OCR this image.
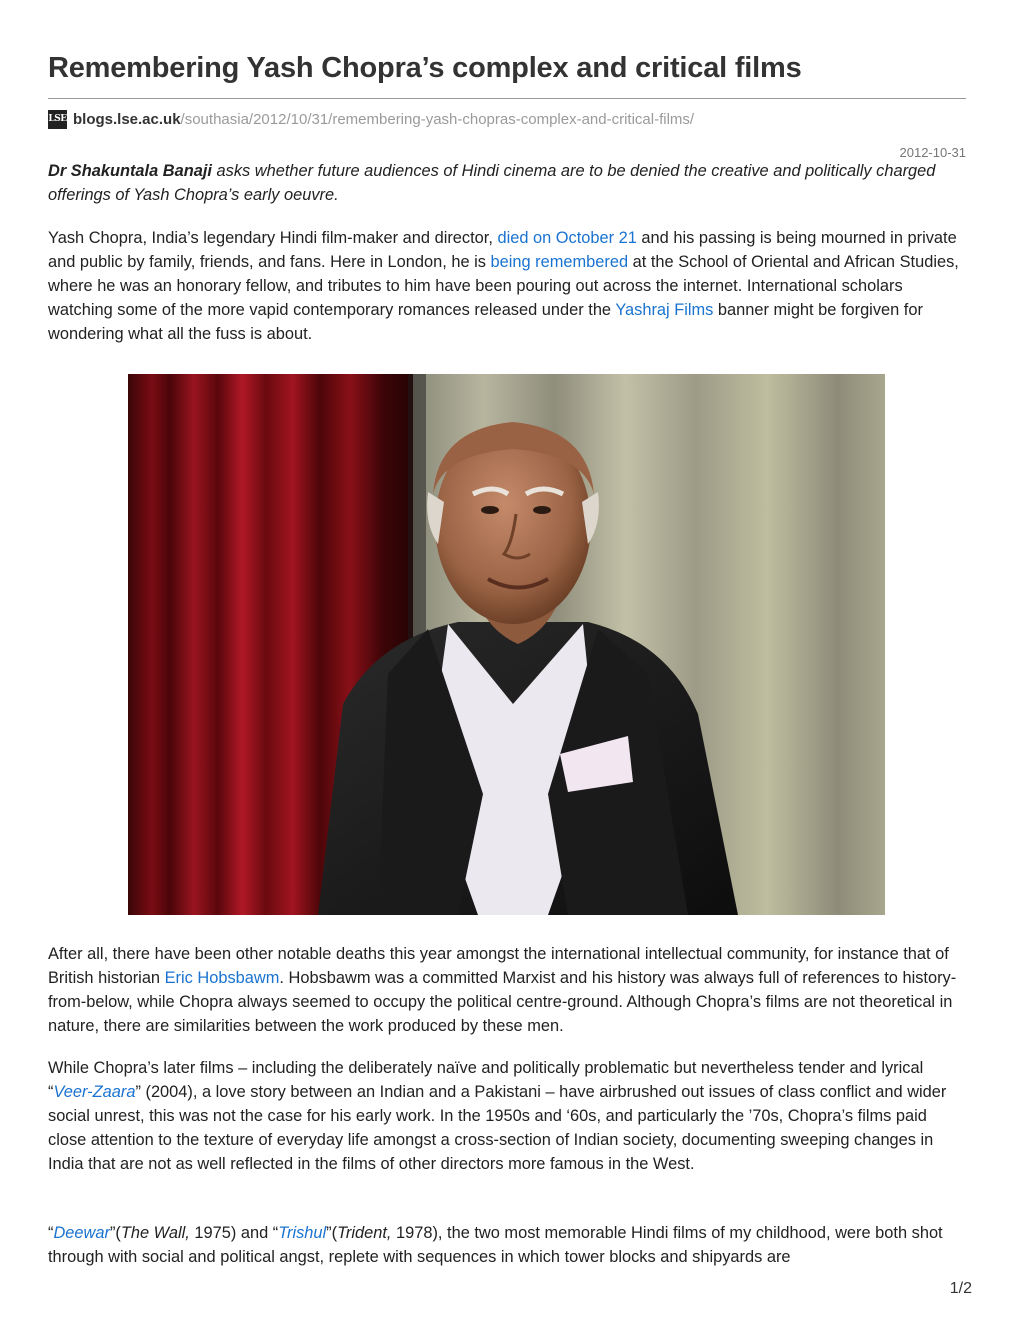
Remembering Yash Chopra’s complex and critical films
LSE blogs.lse.ac.uk /southasia/2012/10/31/remembering-yash-chopras-complex-and-critical-films/
2012-10-31

Dr Shakuntala Banaji asks whether future audiences of Hindi cinema are to be denied the creative and politically charged offerings of Yash Chopra’s early oeuvre.

Yash Chopra, India’s legendary Hindi film-maker and director, died on October 21 and his passing is being mourned in private and public by family, friends, and fans. Here in London, he is being remembered at the School of Oriental and African Studies, where he was an honorary fellow, and tributes to him have been pouring out across the internet. International scholars watching some of the more vapid contemporary romances released under the Yashraj Films banner might be forgiven for wondering what all the fuss is about.

After all, there have been other notable deaths this year amongst the international intellectual community, for instance that of British historian Eric Hobsbawm. Hobsbawm was a committed Marxist and his history was always full of references to history-from-below, while Chopra always seemed to occupy the political centre-ground. Although Chopra’s films are not theoretical in nature, there are similarities between the work produced by these men.

While Chopra’s later films – including the deliberately naïve and politically problematic but nevertheless tender and lyrical “Veer-Zaara” (2004), a love story between an Indian and a Pakistani – have airbrushed out issues of class conflict and wider social unrest, this was not the case for his early work. In the 1950s and ‘60s, and particularly the ’70s, Chopra’s films paid close attention to the texture of everyday life amongst a cross-section of Indian society, documenting sweeping changes in India that are not as well reflected in the films of other directors more famous in the West.

“Deewar”(The Wall, 1975) and “Trishul”(Trident, 1978), the two most memorable Hindi films of my childhood, were both shot through with social and political angst, replete with sequences in which tower blocks and shipyards are

1/2
